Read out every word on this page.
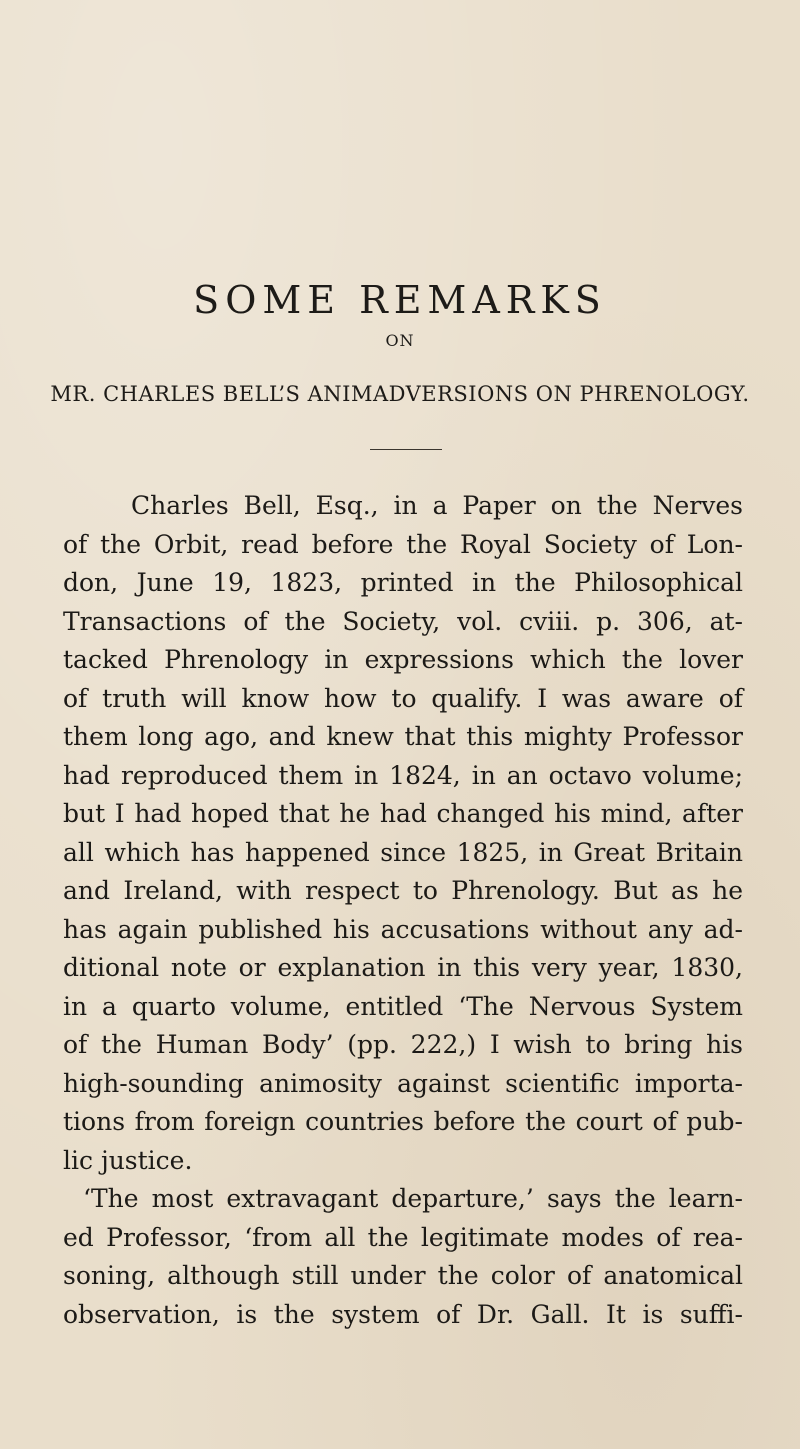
SOME REMARKS
ON
MR. CHARLES BELL’S ANIMADVERSIONS ON PHRENOLOGY.
Charles Bell, Esq., in a Paper on the Nerves
of the Orbit, read before the Royal Society of Lon-
don, June 19, 1823, printed in the Philosophical
Transactions of the Society, vol. cviii. p. 306, at-
tacked Phrenology in expressions which the lover
of truth will know how to qualify. I was aware of
them long ago, and knew that this mighty Professor
had reproduced them in 1824, in an octavo volume;
but I had hoped that he had changed his mind, after
all which has happened since 1825, in Great Britain
and Ireland, with respect to Phrenology. But as he
has again published his accusations without any ad-
ditional note or explanation in this very year, 1830,
in a quarto volume, entitled ‘The Nervous System
of the Human Body’ (pp. 222,) I wish to bring his
high-sounding animosity against scientific importa-
tions from foreign countries before the court of pub-
lic justice.
‘The most extravagant departure,’ says the learn-
ed Professor, ‘from all the legitimate modes of rea-
soning, although still under the color of anatomical
observation, is the system of Dr. Gall. It is suffi-
